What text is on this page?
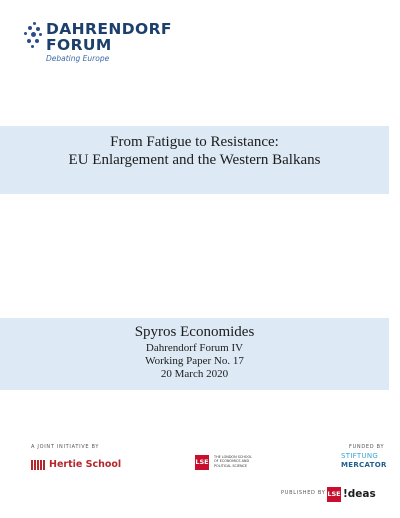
DAHRENDORF
FORUM
Debating Europe
From Fatigue to Resistance:
EU Enlargement and the Western Balkans
Spyros Economides
Dahrendorf Forum IV
Working Paper No. 17
20 March 2020
A JOINT INITIATIVE BY
Hertie School	LSE
THE LONDON SCHOOL
OF ECONOMICS AND
POLITICAL SCIENCE
FUNDED BY
STIFTUNG
MERCATOR
PUBLISHED BY LSE !deas
